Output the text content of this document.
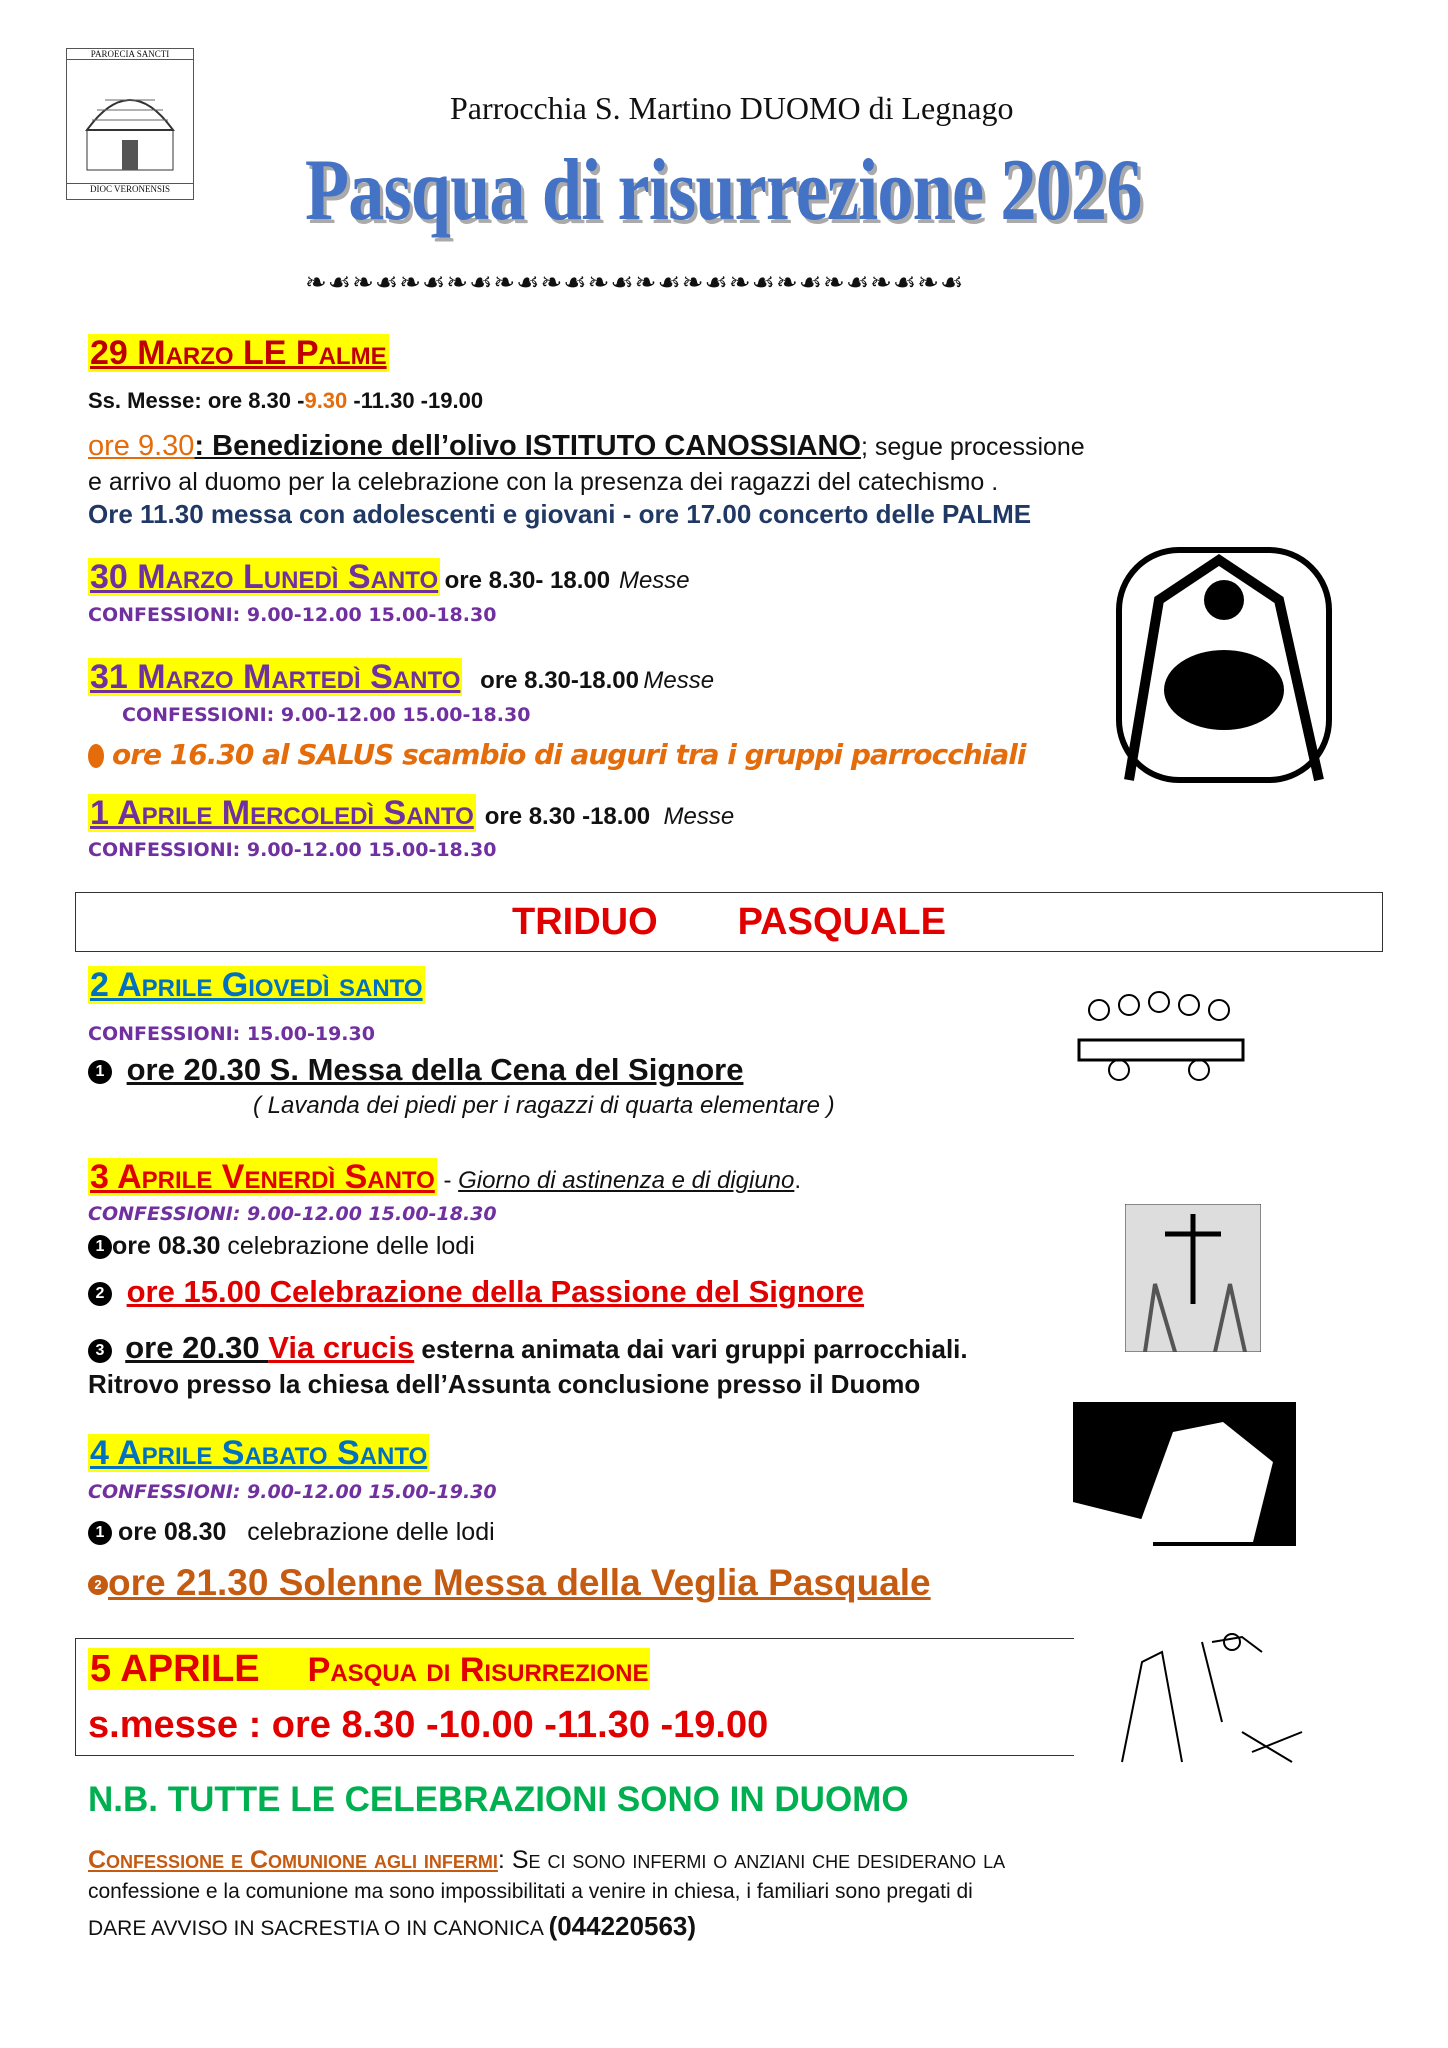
PAROECIA SANCTI
DIOC VERONENSIS
Parrocchia S. Martino DUOMO di Legnago
Pasqua di risurrezione 2026
❧☙❧☙❧☙❧☙❧☙❧☙❧☙❧☙❧☙❧☙❧☙❧☙❧☙❧☙
29 Marzo LE Palme
Ss. Messe: ore 8.30 -9.30 -11.30 -19.00
ore 9.30: Benedizione dell’olivo ISTITUTO CANOSSIANO; segue processione
e arrivo al duomo per la celebrazione con la presenza dei ragazzi del catechismo .
Ore 11.30 messa con adolescenti e giovani - ore 17.00 concerto delle PALME
30 Marzo Lunedì Santo ore 8.30- 18.00 Messe
CONFESSIONI: 9.00-12.00 15.00-18.30
31 Marzo Martedì Santo ore 8.30-18.00 Messe
CONFESSIONI: 9.00-12.00 15.00-18.30
ore 16.30 al SALUS scambio di auguri tra i gruppi parrocchiali
1 Aprile Mercoledì Santo ore 8.30 -18.00 Messe
CONFESSIONI: 9.00-12.00 15.00-18.30
TRIDUO PASQUALE
2 Aprile Giovedì santo
CONFESSIONI: 15.00-19.30
1 ore 20.30 S. Messa della Cena del Signore
( Lavanda dei piedi per i ragazzi di quarta elementare )
3 Aprile Venerdì Santo - Giorno di astinenza e di digiuno.
CONFESSIONI: 9.00-12.00 15.00-18.30
1 ore 08.30 celebrazione delle lodi
2 ore 15.00 Celebrazione della Passione del Signore
3 ore 20.30 Via crucis esterna animata dai vari gruppi parrocchiali.
Ritrovo presso la chiesa dell’Assunta conclusione presso il Duomo
4 Aprile Sabato Santo
CONFESSIONI: 9.00-12.00 15.00-19.30
1 ore 08.30   celebrazione delle lodi
2 ore 21.30 Solenne Messa della Veglia Pasquale
5 APRILE Pasqua di Risurrezione
s.messe : ore 8.30 -10.00 -11.30 -19.00
N.B. TUTTE LE CELEBRAZIONI SONO IN DUOMO
Confessione e Comunione agli infermi: Se ci sono infermi o anziani che desiderano la
confessione e la comunione ma sono impossibilitati a venire in chiesa, i familiari sono pregati di
DARE AVVISO IN SACRESTIA O IN CANONICA (044220563)
